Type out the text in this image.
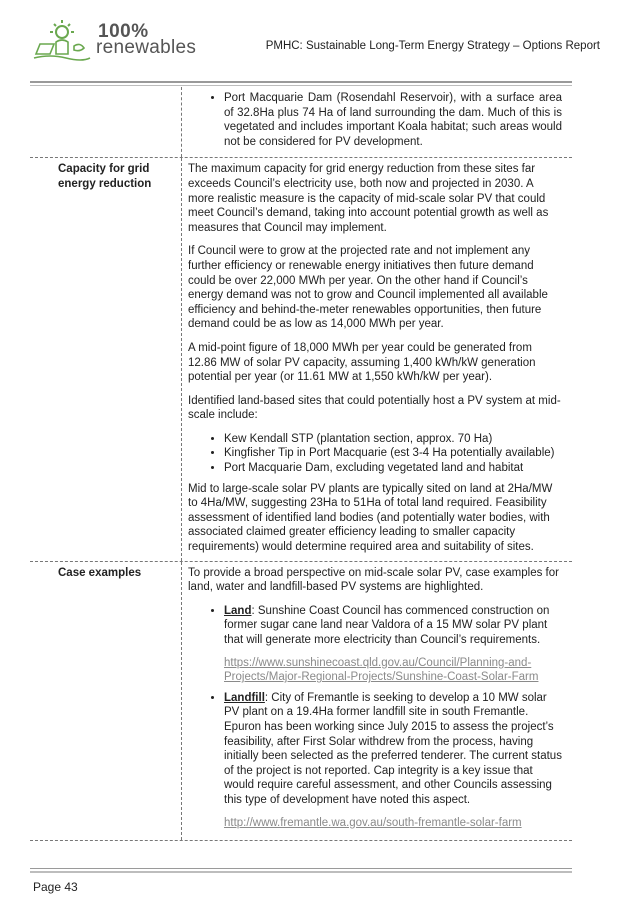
100%
renewables	PMHC: Sustainable Long-Term Energy Strategy – Options Report
• Port Macquarie Dam (Rosendahl Reservoir), with a surface area of 32.8Ha plus 74 Ha of land surrounding the dam. Much of this is vegetated and includes important Koala habitat; such areas would not be considered for PV development.
Capacity for grid energy reduction

The maximum capacity for grid energy reduction from these sites far exceeds Council’s electricity use, both now and projected in 2030. A more realistic measure is the capacity of mid-scale solar PV that could meet Council’s demand, taking into account potential growth as well as measures that Council may implement.

If Council were to grow at the projected rate and not implement any further efficiency or renewable energy initiatives then future demand could be over 22,000 MWh per year. On the other hand if Council’s energy demand was not to grow and Council implemented all available efficiency and behind-the-meter renewables opportunities, then future demand could be as low as 14,000 MWh per year.

A mid-point figure of 18,000 MWh per year could be generated from 12.86 MW of solar PV capacity, assuming 1,400 kWh/kW generation potential per year (or 11.61 MW at 1,550 kWh/kW per year).

Identified land-based sites that could potentially host a PV system at mid-scale include:

• Kew Kendall STP (plantation section, approx. 70 Ha)
• Kingfisher Tip in Port Macquarie (est 3-4 Ha potentially available)
• Port Macquarie Dam, excluding vegetated land and habitat

Mid to large-scale solar PV plants are typically sited on land at 2Ha/MW to 4Ha/MW, suggesting 23Ha to 51Ha of total land required. Feasibility assessment of identified land bodies (and potentially water bodies, with associated claimed greater efficiency leading to smaller capacity requirements) would determine required area and suitability of sites.

Case examples	To provide a broad perspective on mid-scale solar PV, case examples for land, water and landfill-based PV systems are highlighted.

• Land: Sunshine Coast Council has commenced construction on former sugar cane land near Valdora of a 15 MW solar PV plant that will generate more electricity than Council’s requirements.
https://www.sunshinecoast.qld.gov.au/Council/Planning-and-Projects/Major-Regional-Projects/Sunshine-Coast-Solar-Farm
• Landfill: City of Fremantle is seeking to develop a 10 MW solar PV plant on a 19.4Ha former landfill site in south Fremantle. Epuron has been working since July 2015 to assess the project’s feasibility, after First Solar withdrew from the process, having initially been selected as the preferred tenderer. The current status of the project is not reported. Cap integrity is a key issue that would require careful assessment, and other Councils assessing this type of development have noted this aspect.
http://www.fremantle.wa.gov.au/south-fremantle-solar-farm
Page 43
